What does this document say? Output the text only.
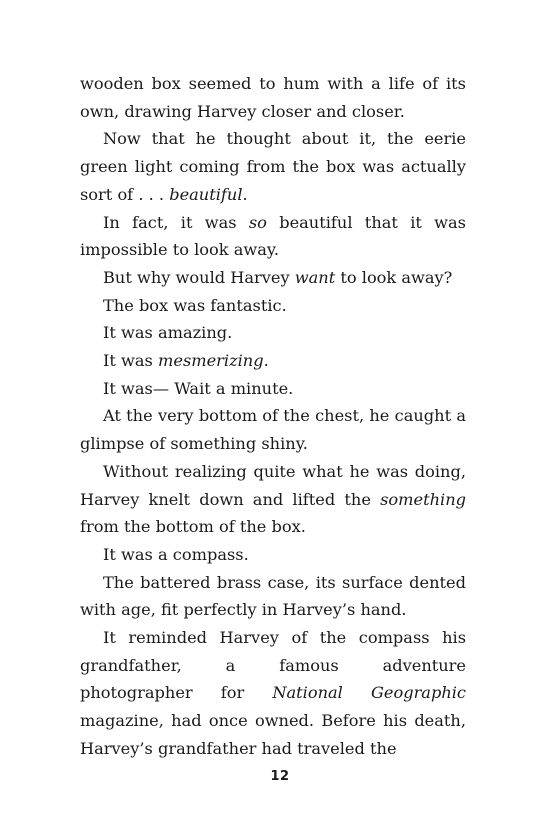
wooden box seemed to hum with a life of its own, drawing Harvey closer and closer.

Now that he thought about it, the eerie green light coming from the box was actually sort of . . . beautiful.

In fact, it was so beautiful that it was impossible to look away.

But why would Harvey want to look away?

The box was fantastic.

It was amazing.

It was mesmerizing.

It was— Wait a minute.

At the very bottom of the chest, he caught a glimpse of something shiny.

Without realizing quite what he was doing, Harvey knelt down and lifted the something from the bottom of the box.

It was a compass.

The battered brass case, its surface dented with age, fit perfectly in Harvey’s hand.

It reminded Harvey of the compass his grandfather, a famous adventure photographer for National Geographic magazine, had once owned. Before his death, Harvey’s grandfather had traveled the

12
